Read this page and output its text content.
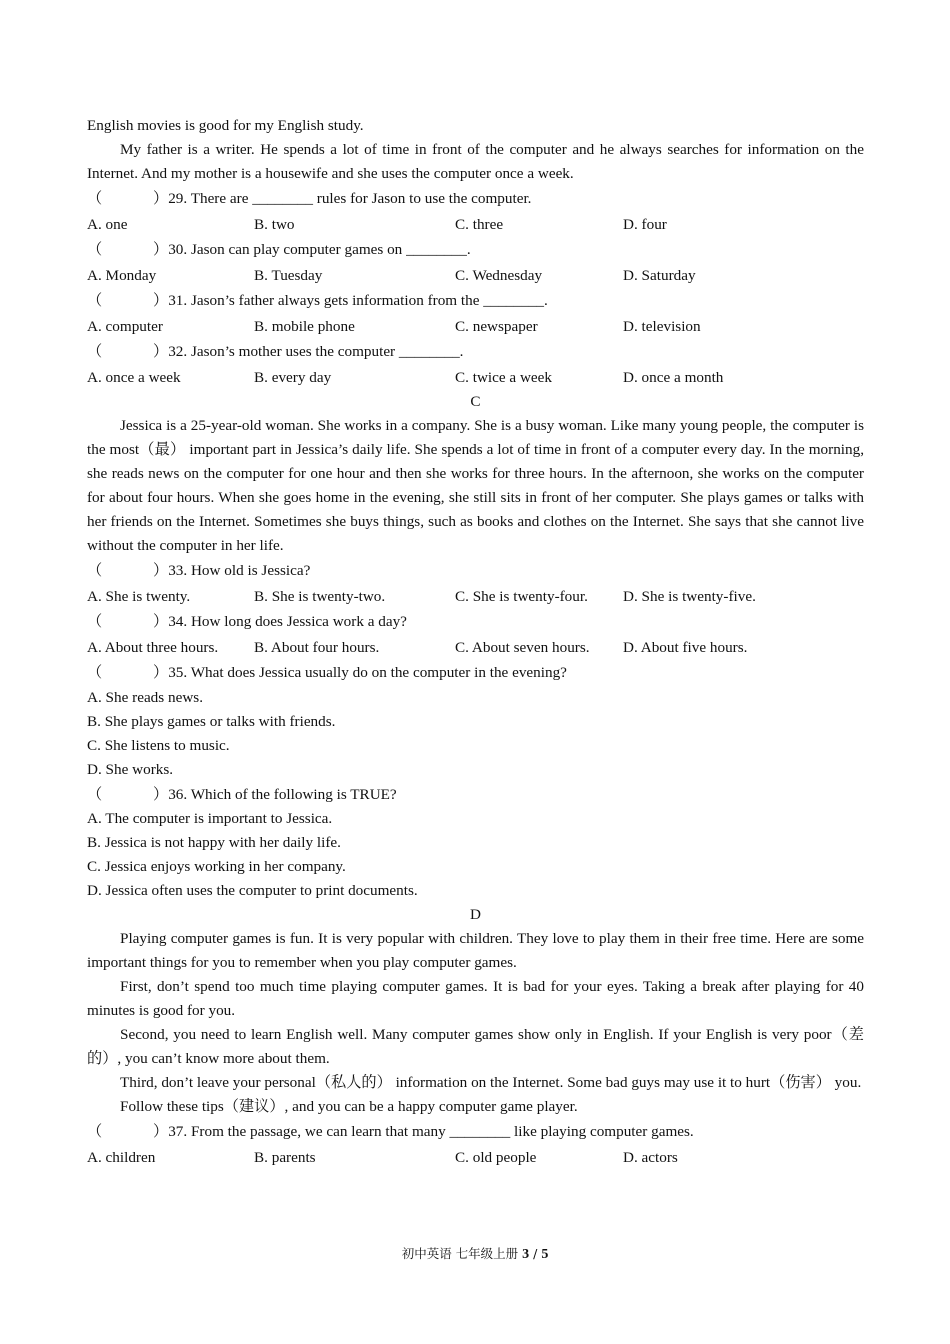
English movies is good for my English study.

My father is a writer. He spends a lot of time in front of the computer and he always searches for information on the Internet. And my mother is a housewife and she uses the computer once a week.

（	）29. There are ________ rules for Jason to use the computer.

A. one	B. two	C. three	D. four

（	）30. Jason can play computer games on ________.

A. Monday	B. Tuesday	C. Wednesday	D. Saturday

（	）31. Jason’s father always gets information from the ________.

A. computer	B. mobile phone	C. newspaper	D. television

（	）32. Jason’s mother uses the computer ________.

A. once a week	B. every day	C. twice a week	D. once a month

C

Jessica is a 25-year-old woman. She works in a company. She is a busy woman. Like many young people, the computer is the most（最） important part in Jessica’s daily life. She spends a lot of time in front of a computer every day. In the morning, she reads news on the computer for one hour and then she works for three hours. In the afternoon, she works on the computer for about four hours. When she goes home in the evening, she still sits in front of her computer. She plays games or talks with her friends on the Internet. Sometimes she buys things, such as books and clothes on the Internet. She says that she cannot live without the computer in her life.

（	）33. How old is Jessica?

A. She is twenty.	B. She is twenty-two.	C. She is twenty-four.	D. She is twenty-five.

（	）34. How long does Jessica work a day?

A. About three hours.	B. About four hours.	C. About seven hours.	D. About five hours.

（	）35. What does Jessica usually do on the computer in the evening?

A. She reads news.

B. She plays games or talks with friends.

C. She listens to music.

D. She works.

（	）36. Which of the following is TRUE?

A. The computer is important to Jessica.

B. Jessica is not happy with her daily life.

C. Jessica enjoys working in her company.

D. Jessica often uses the computer to print documents.

D

Playing computer games is fun. It is very popular with children. They love to play them in their free time. Here are some important things for you to remember when you play computer games.

First, don’t spend too much time playing computer games. It is bad for your eyes. Taking a break after playing for 40 minutes is good for you.

Second, you need to learn English well. Many computer games show only in English. If your English is very poor（差的）, you can’t know more about them.

Third, don’t leave your personal（私人的） information on the Internet. Some bad guys may use it to hurt（伤害） you.

Follow these tips（建议）, and you can be a happy computer game player.

（	）37. From the passage, we can learn that many ________ like playing computer games.

A. children	B. parents	C. old people	D. actors
初中英语 七年级上册 3 / 5
